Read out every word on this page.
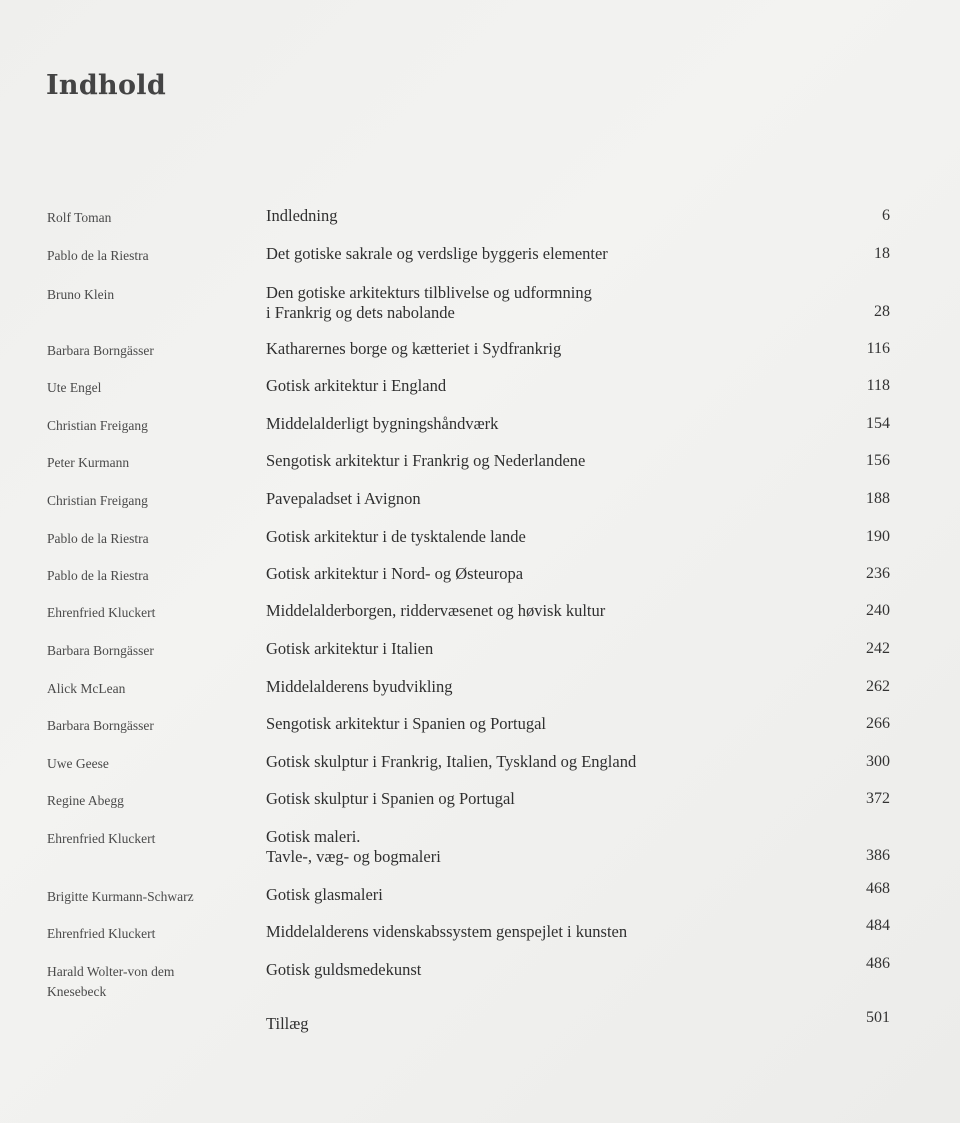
Indhold
Rolf Toman	Indledning	6
Pablo de la Riestra	Det gotiske sakrale og verdslige byggeris elementer	18
Bruno Klein	Den gotiske arkitekturs tilblivelse og udformning
i Frankrig og dets nabolande	28
Barbara Borngässer	Katharernes borge og kætteriet i Sydfrankrig	116
Ute Engel	Gotisk arkitektur i England	118
Christian Freigang	Middelalderligt bygningshåndværk	154
Peter Kurmann	Sengotisk arkitektur i Frankrig og Nederlandene	156
Christian Freigang	Pavepaladset i Avignon	188
Pablo de la Riestra	Gotisk arkitektur i de tysktalende lande	190
Pablo de la Riestra	Gotisk arkitektur i Nord- og Østeuropa	236
Ehrenfried Kluckert	Middelalderborgen, riddervæsenet og høvisk kultur	240
Barbara Borngässer	Gotisk arkitektur i Italien	242
Alick McLean	Middelalderens byudvikling	262
Barbara Borngässer	Sengotisk arkitektur i Spanien og Portugal	266
Uwe Geese	Gotisk skulptur i Frankrig, Italien, Tyskland og England	300
Regine Abegg	Gotisk skulptur i Spanien og Portugal	372
Ehrenfried Kluckert	Gotisk maleri.
Tavle-, væg- og bogmaleri	386
Brigitte Kurmann-Schwarz	Gotisk glasmaleri	468
Ehrenfried Kluckert	Middelalderens videnskabssystem genspejlet i kunsten	484
Harald Wolter-von dem
Knesebeck
Gotisk guldsmedekunst	486
Tillæg	501
